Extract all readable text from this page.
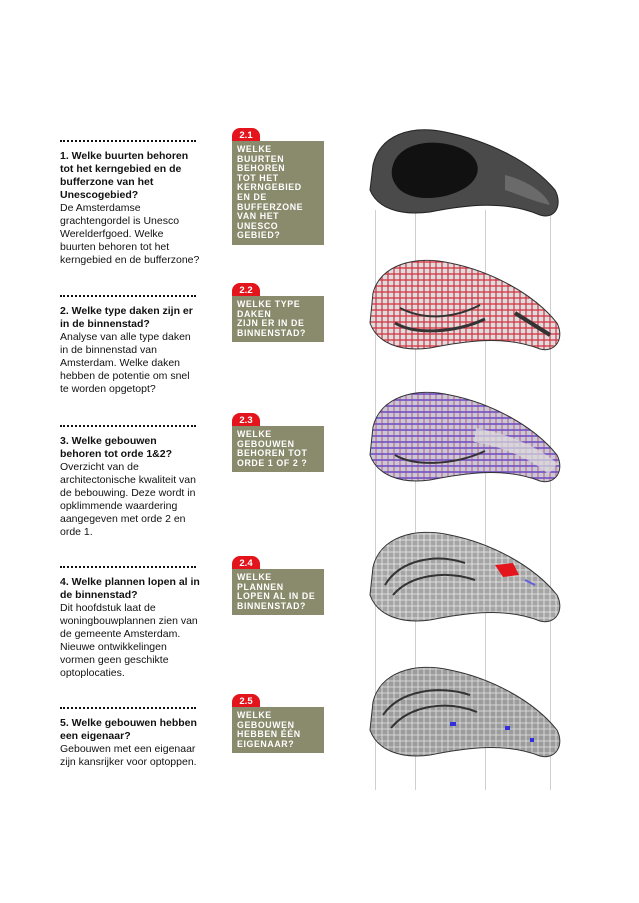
1. Welke buurten behoren tot het kerngebied en de bufferzone van het Unescogebied?

De Amsterdamse grachtengordel is Unesco Werelderfgoed. Welke buurten behoren tot het kerngebied en de bufferzone?

2. Welke type daken zijn er in de binnenstad?

Analyse van alle type daken in de binnenstad van Amsterdam. Welke daken hebben de potentie om snel te worden opgetopt?

3. Welke gebouwen behoren tot orde 1&2?

Overzicht van de architectonische kwaliteit van de bebouwing. Deze wordt in opklimmende waardering aangegeven met orde 2 en orde 1.

4. Welke plannen lopen al in de binnenstad?

Dit hoofdstuk laat de woningbouwplannen zien van de gemeente Amsterdam. Nieuwe ontwikkelingen vormen geen geschikte optoplocaties.

5. Welke gebouwen hebben een eigenaar?

Gebouwen met een eigenaar zijn kansrijker voor optoppen.

2.1
WELKE
BUURTEN
BEHOREN
TOT HET
KERNGEBIED
EN DE
BUFFERZONE
VAN HET
UNESCO
GEBIED?
2.2
WELKE TYPE
DAKEN
ZIJN ER IN DE
BINNENSTAD?
2.3
WELKE
GEBOUWEN
BEHOREN TOT
ORDE 1 OF 2 ?
2.4
WELKE
PLANNEN
LOPEN AL IN DE
BINNENSTAD?
2.5
WELKE
GEBOUWEN
HEBBEN ÉÉN
EIGENAAR?
